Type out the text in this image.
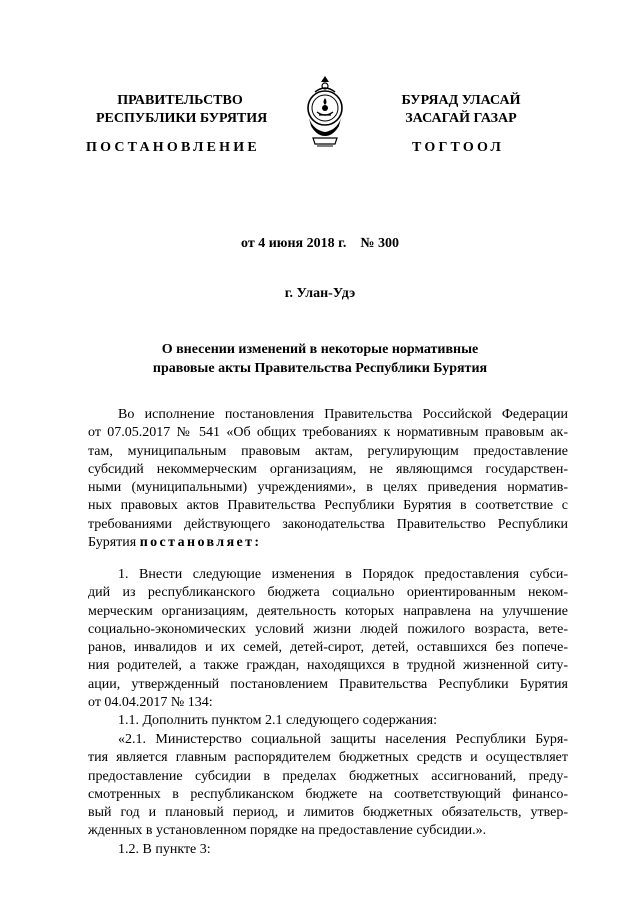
ПРАВИТЕЛЬСТВО
РЕСПУБЛИКИ БУРЯТИЯ
БУРЯАД УЛАСАЙ
ЗАСАГАЙ ГАЗАР
ПОСТАНОВЛЕНИЕ	ТОГТООЛ
от 4 июня 2018 г.    № 300
г. Улан-Удэ
О внесении изменений в некоторые нормативные
правовые акты Правительства Республики Бурятия
Во исполнение постановления Правительства Российской Федерации
от 07.05.2017 № 541 «Об общих требованиях к нормативным правовым ак-
там, муниципальным правовым актам, регулирующим предоставление
субсидий некоммерческим организациям, не являющимся государствен-
ными (муниципальными) учреждениями», в целях приведения норматив-
ных правовых актов Правительства Республики Бурятия в соответствие с
требованиями действующего законодательства Правительство Республики
Бурятия постановляет:
1. Внести следующие изменения в Порядок предоставления субси-
дий из республиканского бюджета социально ориентированным неком-
мерческим организациям, деятельность которых направлена на улучшение
социально-экономических условий жизни людей пожилого возраста, вете-
ранов, инвалидов и их семей, детей-сирот, детей, оставшихся без попече-
ния родителей, а также граждан, находящихся в трудной жизненной ситу-
ации, утвержденный постановлением Правительства Республики Бурятия
от 04.04.2017 № 134:
1.1. Дополнить пунктом 2.1 следующего содержания:
«2.1. Министерство социальной защиты населения Республики Буря-
тия является главным распорядителем бюджетных средств и осуществляет
предоставление субсидии в пределах бюджетных ассигнований, преду-
смотренных в республиканском бюджете на соответствующий финансо-
вый год и плановый период, и лимитов бюджетных обязательств, утвер-
жденных в установленном порядке на предоставление субсидии.».
1.2. В пункте 3:
